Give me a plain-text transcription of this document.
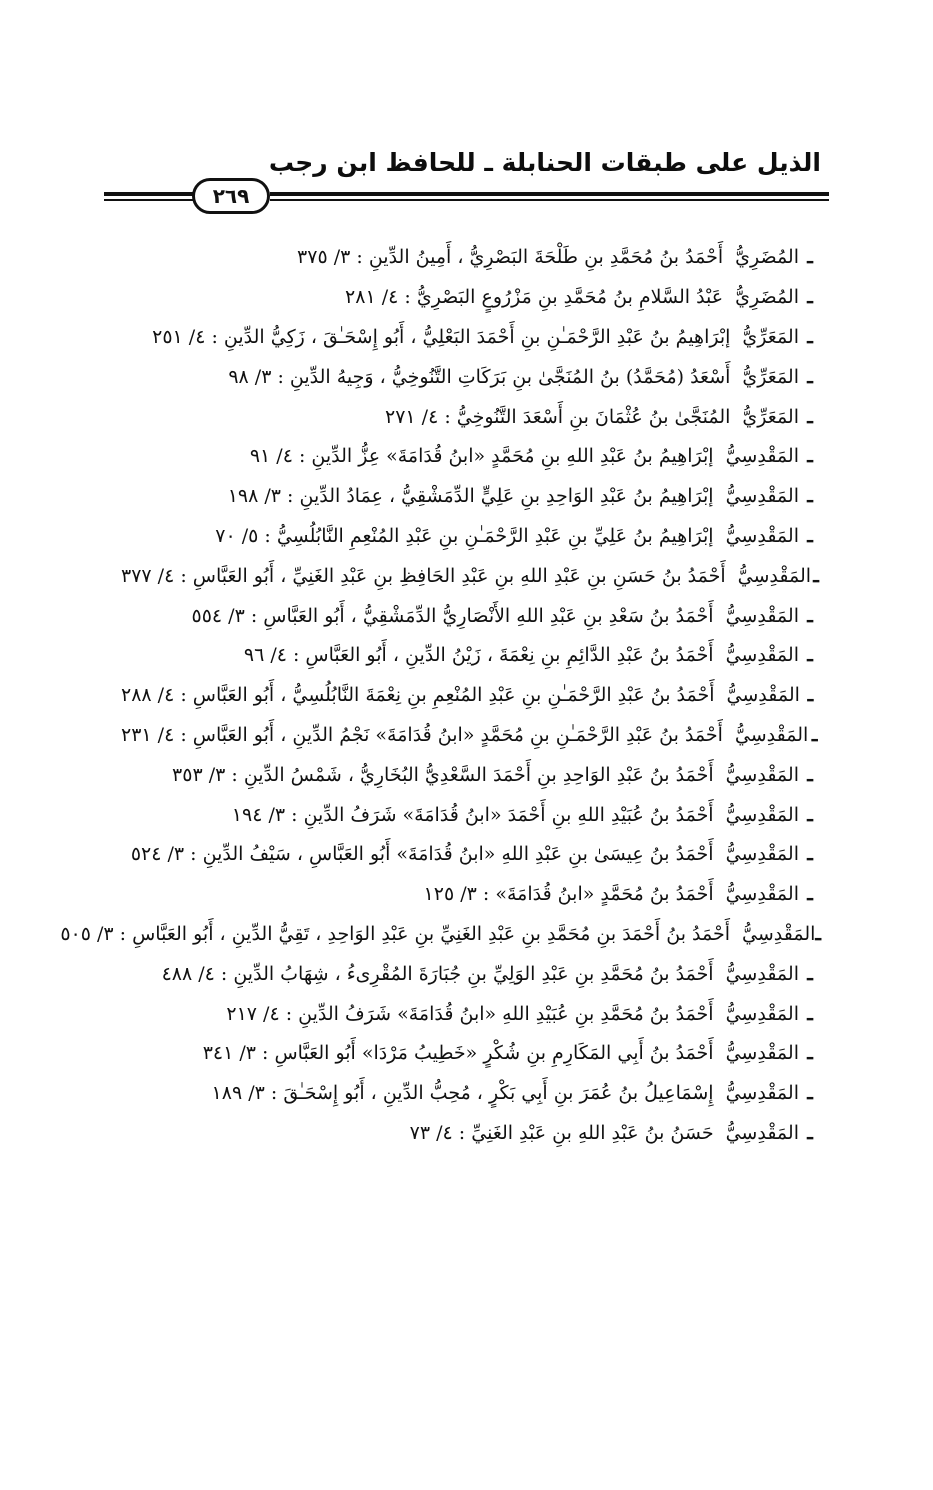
الذيل على طبقات الحنابلة ـ للحافظ ابن رجب
٢٦٩
ـ
المُضَرِيُّ
أَحْمَدُ بنُ مُحَمَّدِ بنِ طَلْحَةَ البَصْرِيُّ ، أَمِينُ الدِّينِ : ٣/ ٣٧٥
ـ
المُضَرِيُّ
عَبْدُ السَّلامِ بنُ مُحَمَّدِ بنِ مَزْرُوعٍ البَصْرِيُّ : ٤/ ٢٨١
ـ
المَعَرِّيُّ
إبْرَاهِيمُ بنُ عَبْدِ الرَّحْمَـٰنِ بنِ أَحْمَدَ البَعْلِيُّ ، أَبُو إِسْحَـٰقَ ، زَكِيُّ الدِّينِ : ٤/ ٢٥١
ـ
المَعَرِّيُّ
أَسْعَدُ (مُحَمَّدُ) بنُ المُنَجَّىٰ بنِ بَرَكَاتِ التَّنُوخِيُّ ، وَجِيهُ الدِّينِ : ٣/ ٩٨
ـ
المَعَرِّيُّ
المُنَجَّىٰ بنُ عُثْمَانَ بنِ أَسْعَدَ التَّنُوخِيُّ : ٤/ ٢٧١
ـ
المَقْدِسِيُّ
إبْرَاهِيمُ بنُ عَبْدِ اللهِ بنِ مُحَمَّدٍ «ابنُ قُدَامَةَ» عِزُّ الدِّينِ : ٤/ ٩١
ـ
المَقْدِسِيُّ
إبْرَاهِيمُ بنُ عَبْدِ الوَاحِدِ بنِ عَلِيٍّ الدِّمَشْقِيُّ ، عِمَادُ الدِّينِ : ٣/ ١٩٨
ـ
المَقْدِسِيُّ
إبْرَاهِيمُ بنُ عَلِيِّ بنِ عَبْدِ الرَّحْمَـٰنِ بنِ عَبْدِ المُنْعِمِ النَّابُلُسِيُّ : ٥/ ٧٠
ـ
المَقْدِسِيُّ
أَحْمَدُ بنُ حَسَنِ بنِ عَبْدِ اللهِ بنِ عَبْدِ الحَافِظِ بنِ عَبْدِ الغَنِيِّ ، أَبُو العَبَّاسِ : ٤/ ٣٧٧
ـ
المَقْدِسِيُّ
أَحْمَدُ بنُ سَعْدِ بنِ عَبْدِ اللهِ الأَنْصَارِيُّ الدِّمَشْقِيُّ ، أَبُو العَبَّاسِ : ٣/ ٥٥٤
ـ
المَقْدِسِيُّ
أَحْمَدُ بنُ عَبْدِ الدَّائِمِ بنِ نِعْمَةَ ، زَيْنُ الدِّينِ ، أَبُو العَبَّاسِ : ٤/ ٩٦
ـ
المَقْدِسِيُّ
أَحْمَدُ بنُ عَبْدِ الرَّحْمَـٰنِ بنِ عَبْدِ المُنْعِمِ بنِ نِعْمَةَ النَّابُلُسِيُّ ، أَبُو العَبَّاسِ : ٤/ ٢٨٨
ـ
المَقْدِسِيُّ
أَحْمَدُ بنُ عَبْدِ الرَّحْمَـٰنِ بنِ مُحَمَّدٍ «ابنُ قُدَامَةَ» نَجْمُ الدِّينِ ، أَبُو العَبَّاسِ : ٤/ ٢٣١
ـ
المَقْدِسِيُّ
أَحْمَدُ بنُ عَبْدِ الوَاحِدِ بنِ أَحْمَدَ السَّعْدِيُّ البُخَارِيُّ ، شَمْسُ الدِّينِ : ٣/ ٣٥٣
ـ
المَقْدِسِيُّ
أَحْمَدُ بنُ عُبَيْدِ اللهِ بنِ أَحْمَدَ «ابنُ قُدَامَةَ» شَرَفُ الدِّينِ : ٣/ ١٩٤
ـ
المَقْدِسِيُّ
أَحْمَدُ بنُ عِيسَىٰ بنِ عَبْدِ اللهِ «ابنُ قُدَامَةَ» أَبُو العَبَّاسِ ، سَيْفُ الدِّينِ : ٣/ ٥٢٤
ـ
المَقْدِسِيُّ
أَحْمَدُ بنُ مُحَمَّدٍ «ابنُ قُدَامَةَ» : ٣/ ١٢٥
ـ
المَقْدِسِيُّ
أَحْمَدُ بنُ أَحْمَدَ بنِ مُحَمَّدِ بنِ عَبْدِ الغَنِيِّ بنِ عَبْدِ الوَاحِدِ ، تَقِيُّ الدِّينِ ، أَبُو العَبَّاسِ : ٣/ ٥٠٥
ـ
المَقْدِسِيُّ
أَحْمَدُ بنُ مُحَمَّدِ بنِ عَبْدِ الوَلِيِّ بنِ جُبَارَةَ المُقْرِىءُ ، شِهَابُ الدِّينِ : ٤/ ٤٨٨
ـ
المَقْدِسِيُّ
أَحْمَدُ بنُ مُحَمَّدِ بنِ عُبَيْدِ اللهِ «ابنُ قُدَامَةَ» شَرَفُ الدِّينِ : ٤/ ٢١٧
ـ
المَقْدِسِيُّ
أَحْمَدُ بنُ أَبِي المَكَارِمِ بنِ شُكْرٍ «خَطِيبُ مَرْدَا» أَبُو العَبَّاسِ : ٣/ ٣٤١
ـ
المَقْدِسِيُّ
إِسْمَاعِيلُ بنُ عُمَرَ بنِ أَبِي بَكْرٍ ، مُحِبُّ الدِّينِ ، أَبُو إِسْحَـٰقَ : ٣/ ١٨٩
ـ
المَقْدِسِيُّ
حَسَنُ بنُ عَبْدِ اللهِ بنِ عَبْدِ الغَنِيِّ : ٤/ ٧٣
